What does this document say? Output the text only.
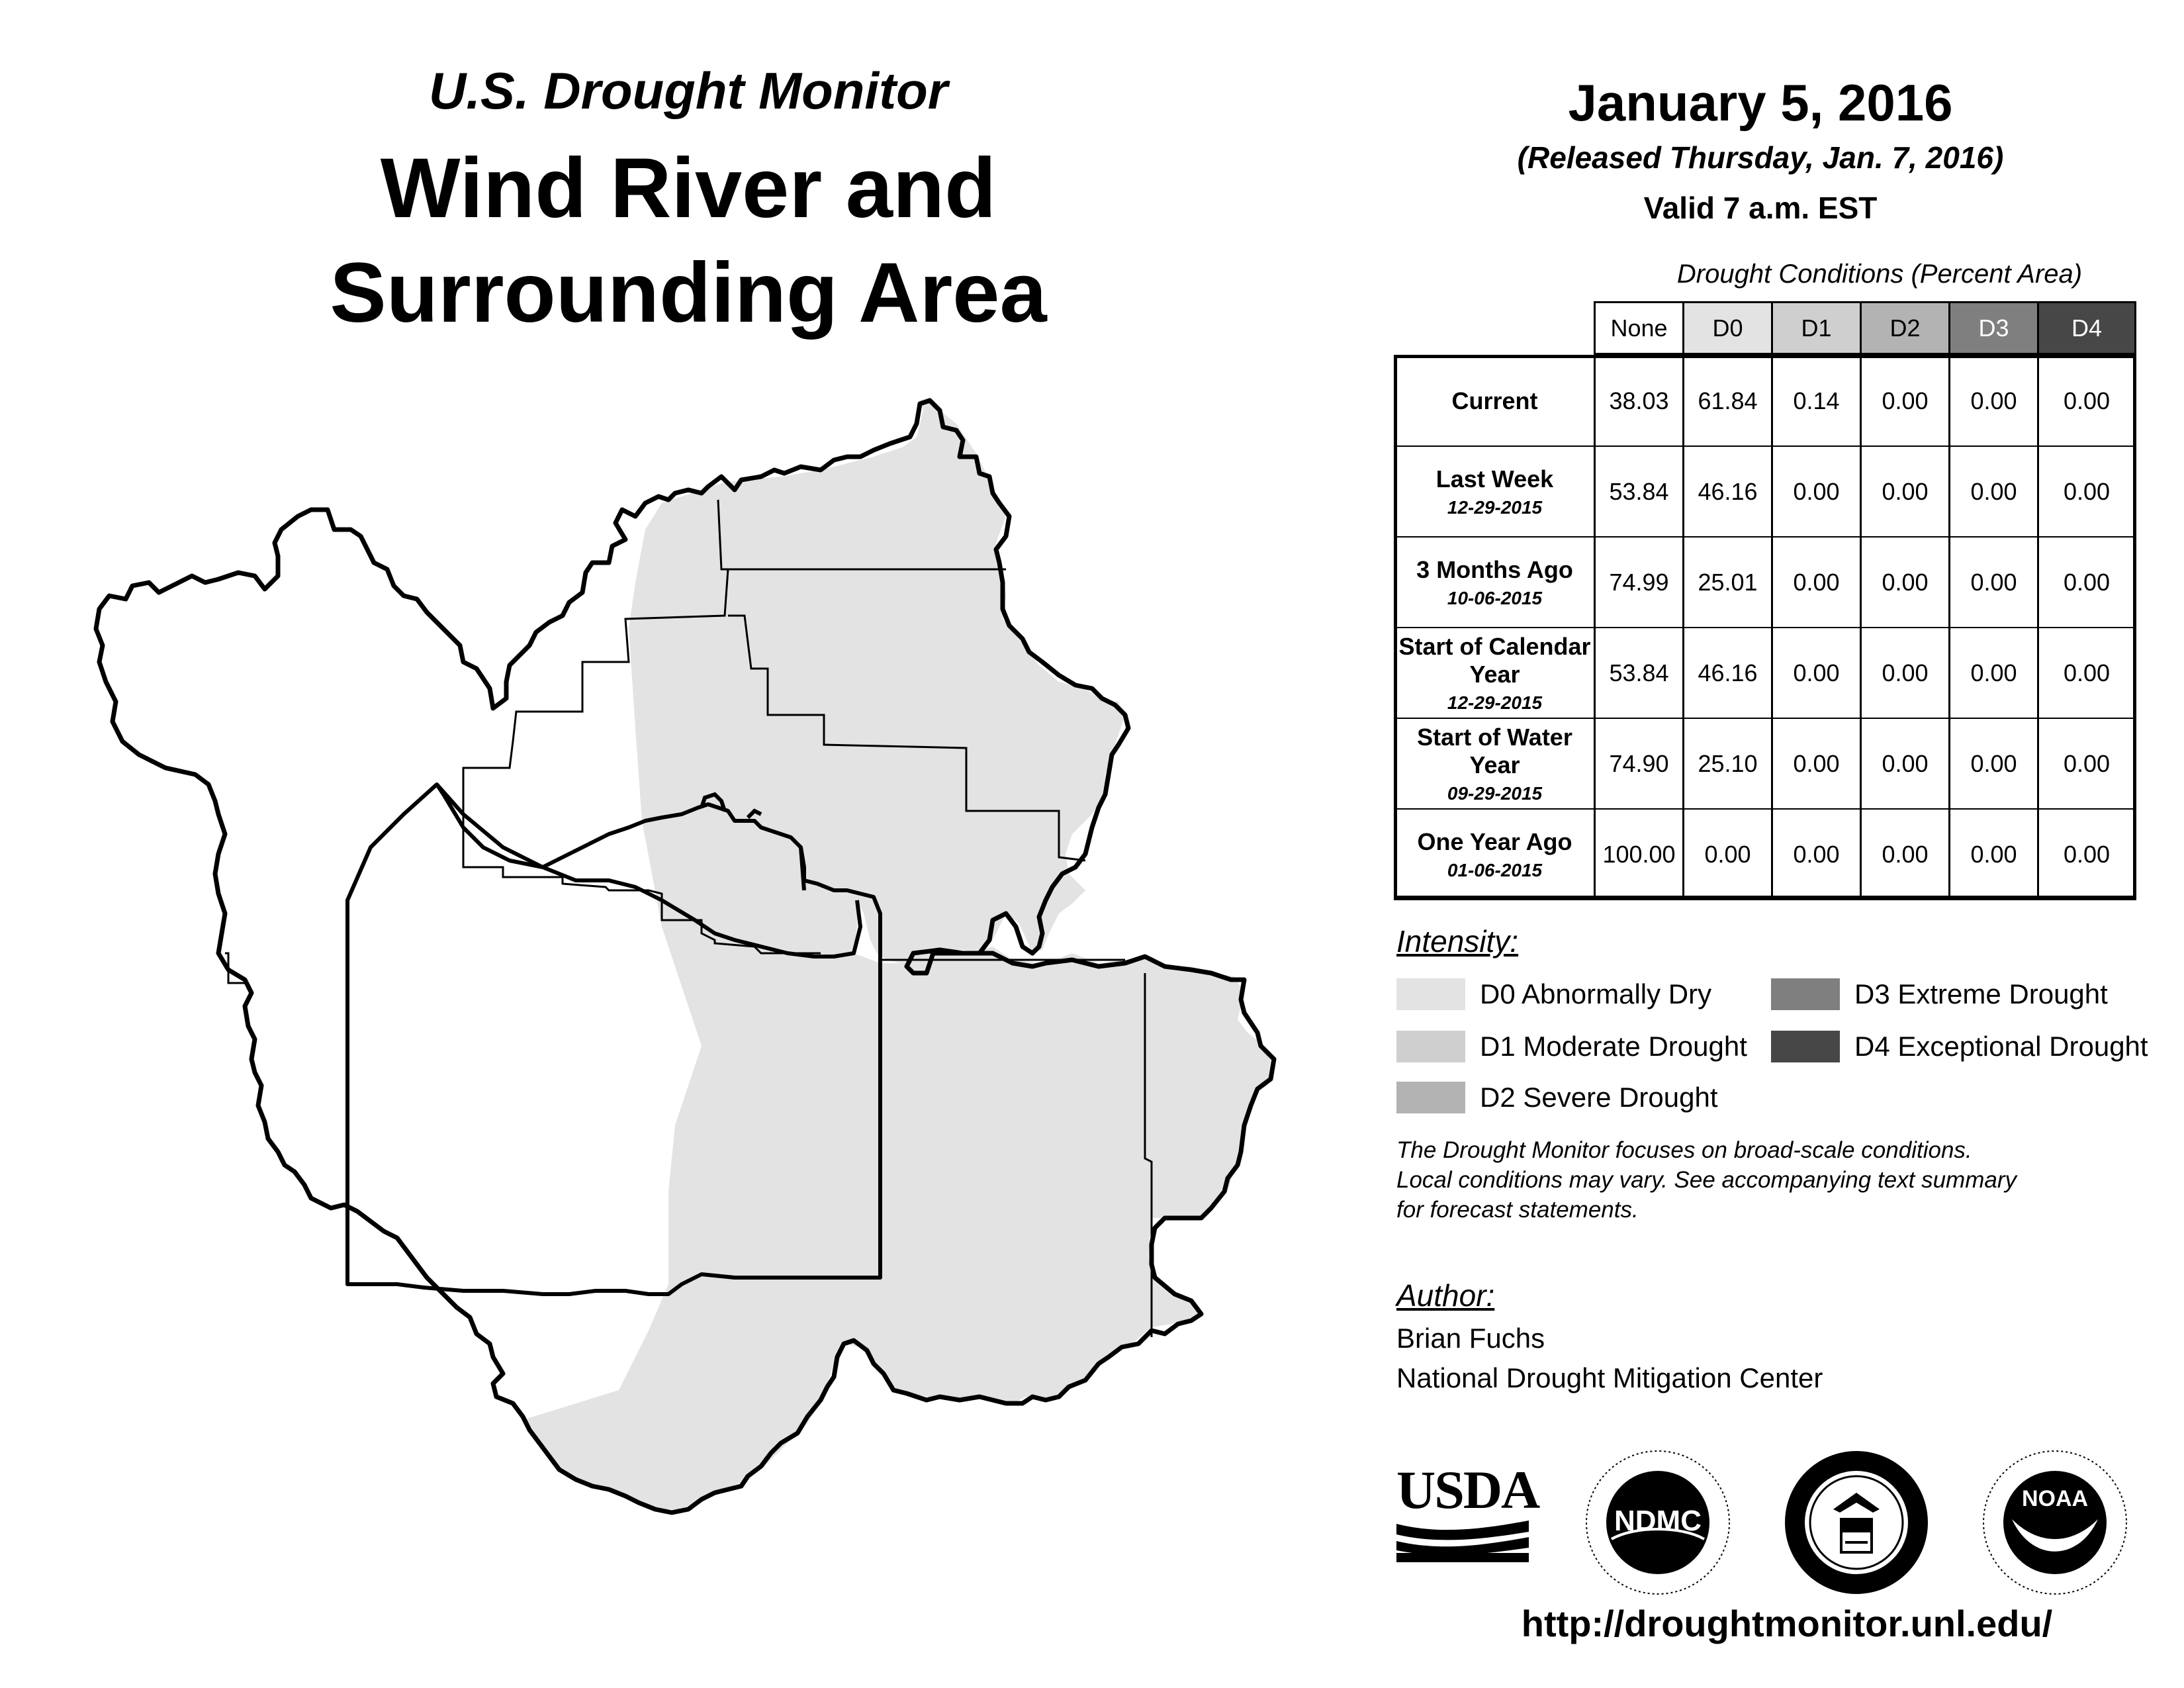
U.S. Drought Monitor
Wind River and
Surrounding Area
January 5, 2016
(Released Thursday, Jan. 7, 2016)
Valid 7 a.m. EST
Drought Conditions (Percent Area)
None	D0	D1	D2	D3	D4
Current	38.03	61.84	0.14	0.00	0.00	0.00
Last Week
12-29-2015
53.84	46.16	0.00	0.00	0.00	0.00
3 Months Ago
10-06-2015
74.99	25.01	0.00	0.00	0.00	0.00
Start of Calendar Year
12-29-2015
53.84	46.16	0.00	0.00	0.00	0.00
Start of Water Year
09-29-2015
74.90	25.10	0.00	0.00	0.00	0.00
One Year Ago
01-06-2015
100.00	0.00	0.00	0.00	0.00	0.00
Intensity:
D0 Abnormally Dry
D1 Moderate Drought
D2 Severe Drought
D3 Extreme Drought
D4 Exceptional Drought
The Drought Monitor focuses on broad-scale conditions.
Local conditions may vary. See accompanying text summary
for forecast statements.
Author:
Brian Fuchs
National Drought Mitigation Center
USDA
NDMC
NOAA
http://droughtmonitor.unl.edu/
